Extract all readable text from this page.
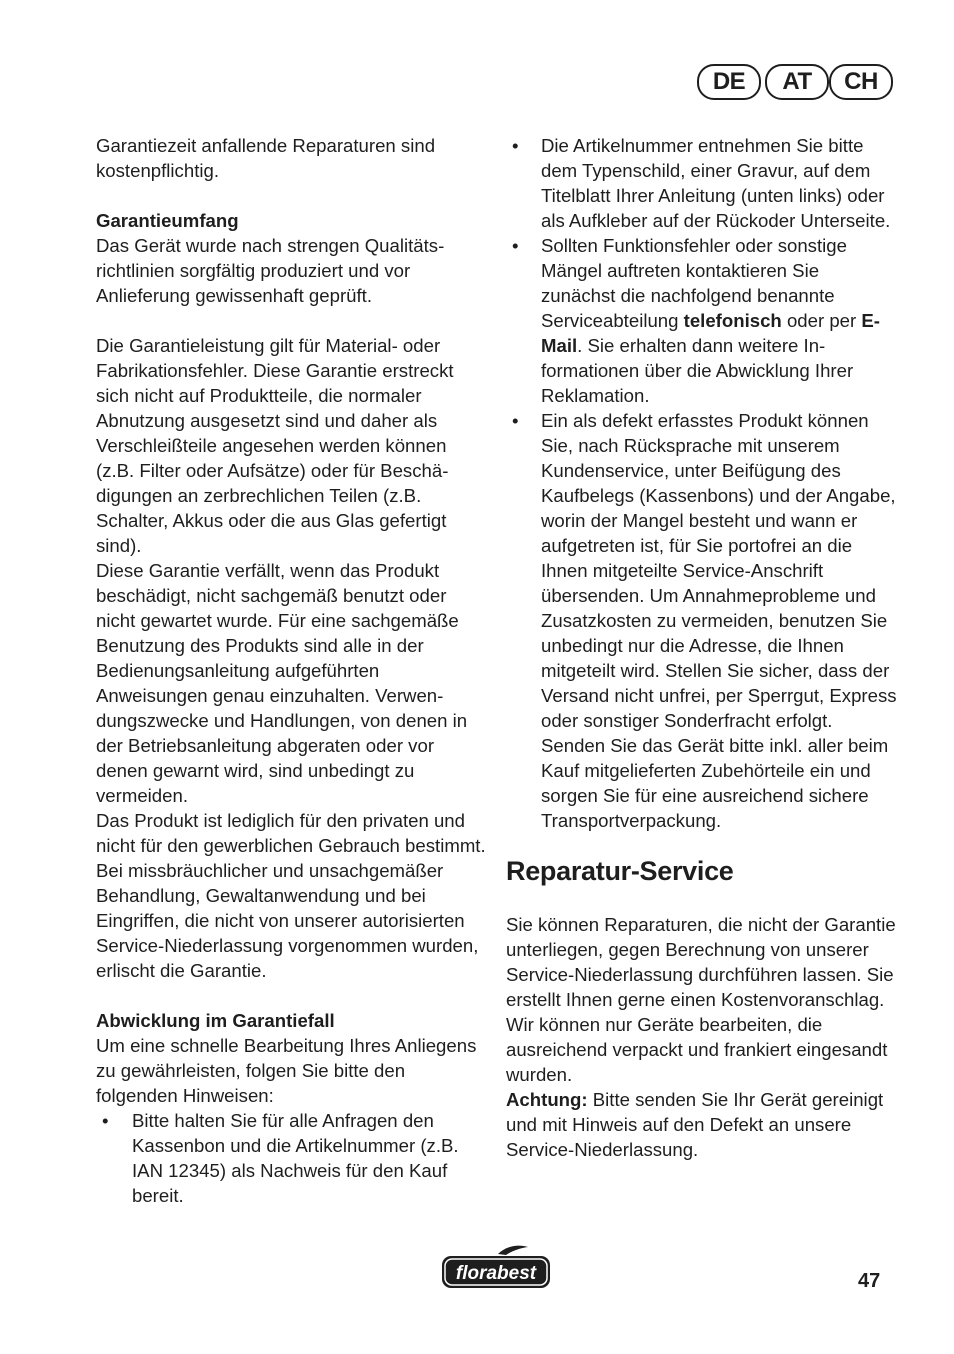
DE	AT	CH

Garantiezeit anfallende Reparaturen sind kostenpflichtig.

Garantieumfang

Das Gerät wurde nach strengen Qualitätsrichtlinien sorgfältig produziert und vor Anlieferung gewissenhaft geprüft.

Die Garantieleistung gilt für Material- oder Fabrikationsfehler. Diese Garantie erstreckt sich nicht auf Produktteile, die normaler Abnutzung ausgesetzt sind und daher als Verschleißteile angesehen werden können (z.B. Filter oder Aufsätze) oder für Beschädigungen an zerbrechlichen Teilen (z.B. Schalter, Akkus oder die aus Glas gefertigt sind).

Diese Garantie verfällt, wenn das Produkt beschädigt, nicht sachgemäß benutzt oder nicht gewartet wurde. Für eine sachgemäße Benutzung des Produkts sind alle in der Bedienungsanleitung aufgeführten Anweisungen genau einzuhalten. Verwendungszwecke und Handlungen, von denen in der Betriebsanleitung abgeraten oder vor denen gewarnt wird, sind unbedingt zu vermeiden.

Das Produkt ist lediglich für den privaten und nicht für den gewerblichen Gebrauch bestimmt. Bei missbräuchlicher und unsachgemäßer Behandlung, Gewaltanwendung und bei Eingriffen, die nicht von unserer autorisierten Service-Niederlassung vorgenommen wurden, erlischt die Garantie.

Abwicklung im Garantiefall

Um eine schnelle Bearbeitung Ihres Anliegens zu gewährleisten, folgen Sie bitte den folgenden Hinweisen:

• Bitte halten Sie für alle Anfragen den Kassenbon und die Artikelnummer (z.B. IAN 12345) als Nachweis für den Kauf bereit.
• Die Artikelnummer entnehmen Sie bitte dem Typenschild, einer Gravur, auf dem Titelblatt Ihrer Anleitung (unten links) oder als Aufkleber auf der Rückoder Unterseite.
• Sollten Funktionsfehler oder sonstige Mängel auftreten kontaktieren Sie zunächst die nachfolgend benannte Serviceabteilung telefonisch oder per E-Mail. Sie erhalten dann weitere Informationen über die Abwicklung Ihrer Reklamation.
• Ein als defekt erfasstes Produkt können Sie, nach Rücksprache mit unserem Kundenservice, unter Beifügung des Kaufbelegs (Kassenbons) und der Angabe, worin der Mangel besteht und wann er aufgetreten ist, für Sie portofrei an die Ihnen mitgeteilte Service-Anschrift übersenden. Um Annahmeprobleme und Zusatzkosten zu vermeiden, benutzen Sie unbedingt nur die Adresse, die Ihnen mitgeteilt wird. Stellen Sie sicher, dass der Versand nicht unfrei, per Sperrgut, Express oder sonstiger Sonderfracht erfolgt. Senden Sie das Gerät bitte inkl. aller beim Kauf mitgelieferten Zubehörteile ein und sorgen Sie für eine ausreichend sichere Transportverpackung.
Reparatur-Service

Sie können Reparaturen, die nicht der Garantie unterliegen, gegen Berechnung von unserer Service-Niederlassung durchführen lassen. Sie erstellt Ihnen gerne einen Kostenvoranschlag.

Wir können nur Geräte bearbeiten, die ausreichend verpackt und frankiert eingesandt wurden.

Achtung: Bitte senden Sie Ihr Gerät gereinigt und mit Hinweis auf den Defekt an unsere Service-Niederlassung.

florabest	47
